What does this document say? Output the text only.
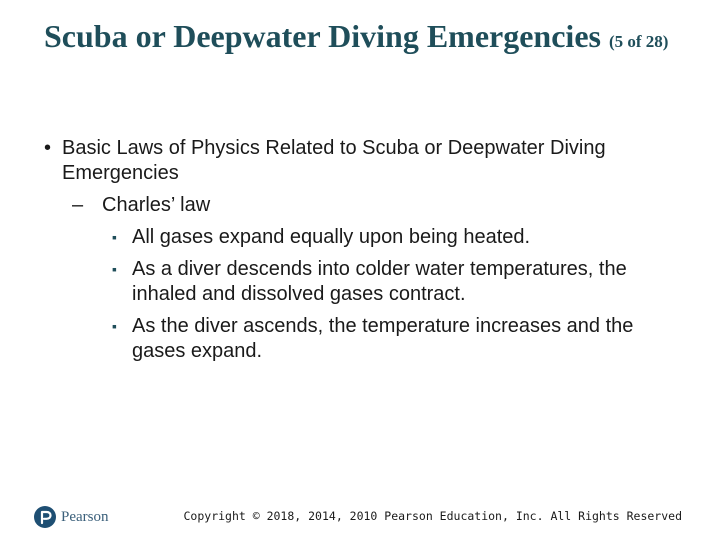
Scuba or Deepwater Diving Emergencies (5 of 28)
• Basic Laws of Physics Related to Scuba or Deepwater Diving Emergencies
– Charles’ law
▪ All gases expand equally upon being heated.
▪ As a diver descends into colder water temperatures, the inhaled and dissolved gases contract.
▪ As the diver ascends, the temperature increases and the gases expand.
Pearson	Copyright © 2018, 2014, 2010 Pearson Education, Inc. All Rights Reserved
